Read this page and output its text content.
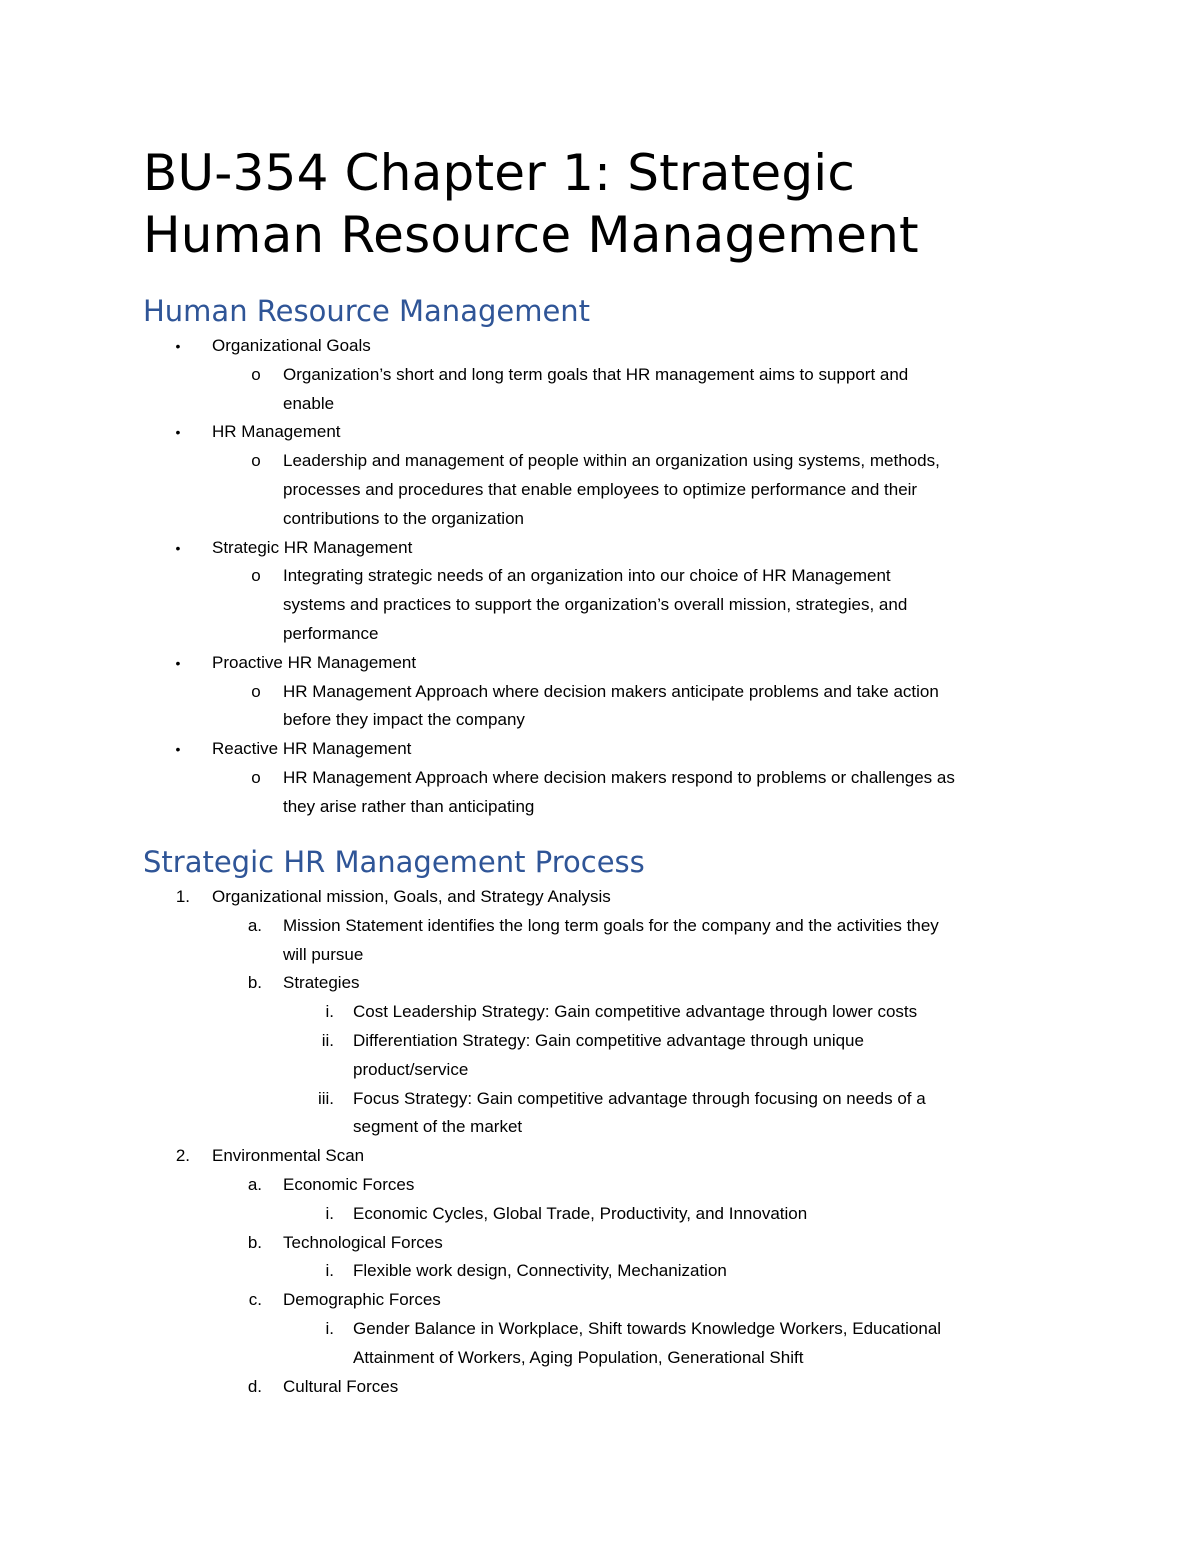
BU-354 Chapter 1: Strategic
Human Resource Management
Human Resource Management
• Organizational Goals
o Organization’s short and long term goals that HR management aims to support and
enable
• HR Management
o Leadership and management of people within an organization using systems, methods,
processes and procedures that enable employees to optimize performance and their
contributions to the organization
• Strategic HR Management
o Integrating strategic needs of an organization into our choice of HR Management
systems and practices to support the organization’s overall mission, strategies, and
performance
• Proactive HR Management
o HR Management Approach where decision makers anticipate problems and take action
before they impact the company
• Reactive HR Management
o HR Management Approach where decision makers respond to problems or challenges as
they arise rather than anticipating
Strategic HR Management Process
1. Organizational mission, Goals, and Strategy Analysis
a. Mission Statement identifies the long term goals for the company and the activities they
will pursue
b. Strategies
i. Cost Leadership Strategy: Gain competitive advantage through lower costs
ii. Differentiation Strategy: Gain competitive advantage through unique
product/service
iii. Focus Strategy: Gain competitive advantage through focusing on needs of a
segment of the market
2. Environmental Scan
a. Economic Forces
i. Economic Cycles, Global Trade, Productivity, and Innovation
b. Technological Forces
i. Flexible work design, Connectivity, Mechanization
c. Demographic Forces
i. Gender Balance in Workplace, Shift towards Knowledge Workers, Educational
Attainment of Workers, Aging Population, Generational Shift
d. Cultural Forces
